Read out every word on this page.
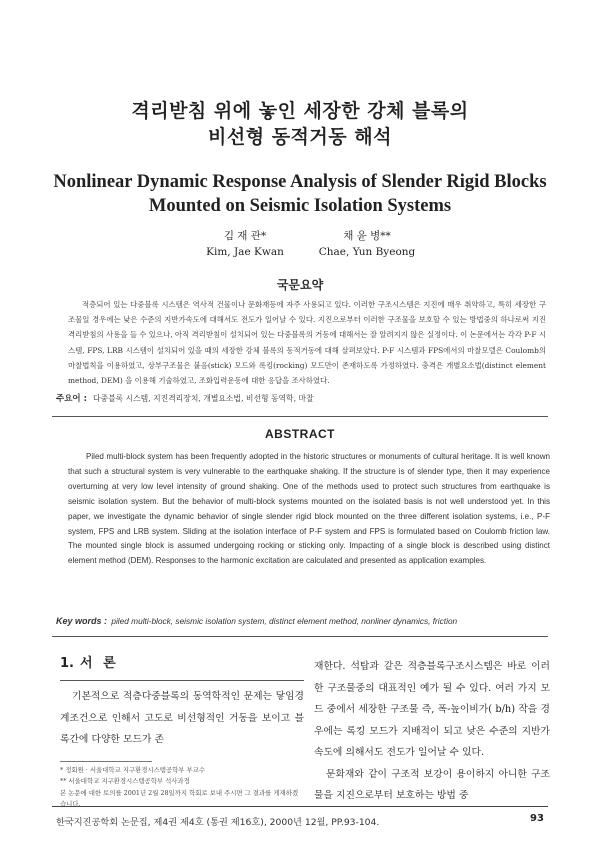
격리받침 위에 놓인 세장한 강체 블록의
비선형 동적거동 해석
Nonlinear Dynamic Response Analysis of Slender Rigid Blocks
Mounted on Seismic Isolation Systems
김 재 관*
Kim, Jae Kwan
채 윤 병**
Chae, Yun Byeong
국문요약
적층되어 있는 다중블록 시스템은 역사적 건물이나 문화재등에 자주 사용되고 있다. 이러한 구조시스템은 지진에 매우 취약하고, 특히 세장한 구조물일 경우에는 낮은 수준의 지반가속도에 대해서도 전도가 일어날 수 있다. 지진으로부터 이러한 구조물을 보호할 수 있는 방법중의 하나로써 지진격리받침의 사용을 들 수 있으나, 아직 격리받침이 설치되어 있는 다중블록의 거동에 대해서는 잘 알려지지 않은 실정이다. 이 논문에서는 각각 P-F 시스템, FPS, LRB 시스템이 설치되어 있을 때의 세장한 강체 블록의 동적거동에 대해 살펴보았다. P-F 시스템과 FPS에서의 마찰모델은 Coulomb의 마찰법칙을 이용하였고, 상부구조물은 붙음(stick) 모드와 록킹(rocking) 모드만이 존재하도록 가정하였다. 충격은 개별요소법(distinct element method, DEM) 을 이용해 기술하였고, 조화입력운동에 대한 응답을 조사하였다.
주요어 : 다중블록 시스템, 지진격리장치, 개별요소법, 비선형 동역학, 마찰
ABSTRACT
Piled multi-block system has been frequently adopted in the historic structures or monuments of cultural heritage. It is well known that such a structural system is very vulnerable to the earthquake shaking. If the structure is of slender type, then it may experience overturning at very low level intensity of ground shaking. One of the methods used to protect such structures from earthquake is seismic isolation system. But the behavior of multi-block systems mounted on the isolated basis is not well understood yet. In this paper, we investigate the dynamic behavior of single slender rigid block mounted on the three different isolation systems, i.e., P-F system, FPS and LRB system. Sliding at the isolation interface of P-F system and FPS is formulated based on Coulomb friction law. The mounted single block is assumed undergoing rocking or sticking only. Impacting of a single block is described using distinct element method (DEM). Responses to the harmonic excitation are calculated and presented as application examples.
Key words : piled multi-block, seismic isolation system, distinct element method, nonliner dynamics, friction
1. 서 론
기본적으로 적층다중블록의 동역학적인 문제는 닿임경계조건으로 인해서 고도로 비선형적인 거동을 보이고 블록간에 다양한 모드가 존
* 정회원 · 서울대학교 지구환경시스템공학부 부교수
** 서울대학교 지구환경시스템공학부 석사과정
본 논문에 대한 토의를 2001년 2월 28일까지 학회로 보내 주시면 그 결과를 게재하겠습니다.
재한다. 석탑과 같은 적층블록구조시스템은 바로 이러한 구조물중의 대표적인 예가 될 수 있다. 여러 가지 모드 중에서 세장한 구조물 즉, 폭-높이비가( b/h) 작을 경우에는 록킹 모드가 지배적이 되고 낮은 수준의 지반가속도에 의해서도 전도가 일어날 수 있다.
문화재와 같이 구조적 보강이 용이하지 아니한 구조물을 지진으로부터 보호하는 방법 중
한국지진공학회 논문집, 제4권 제4호 (통권 제16호), 2000년 12월, PP.93-104.	93
